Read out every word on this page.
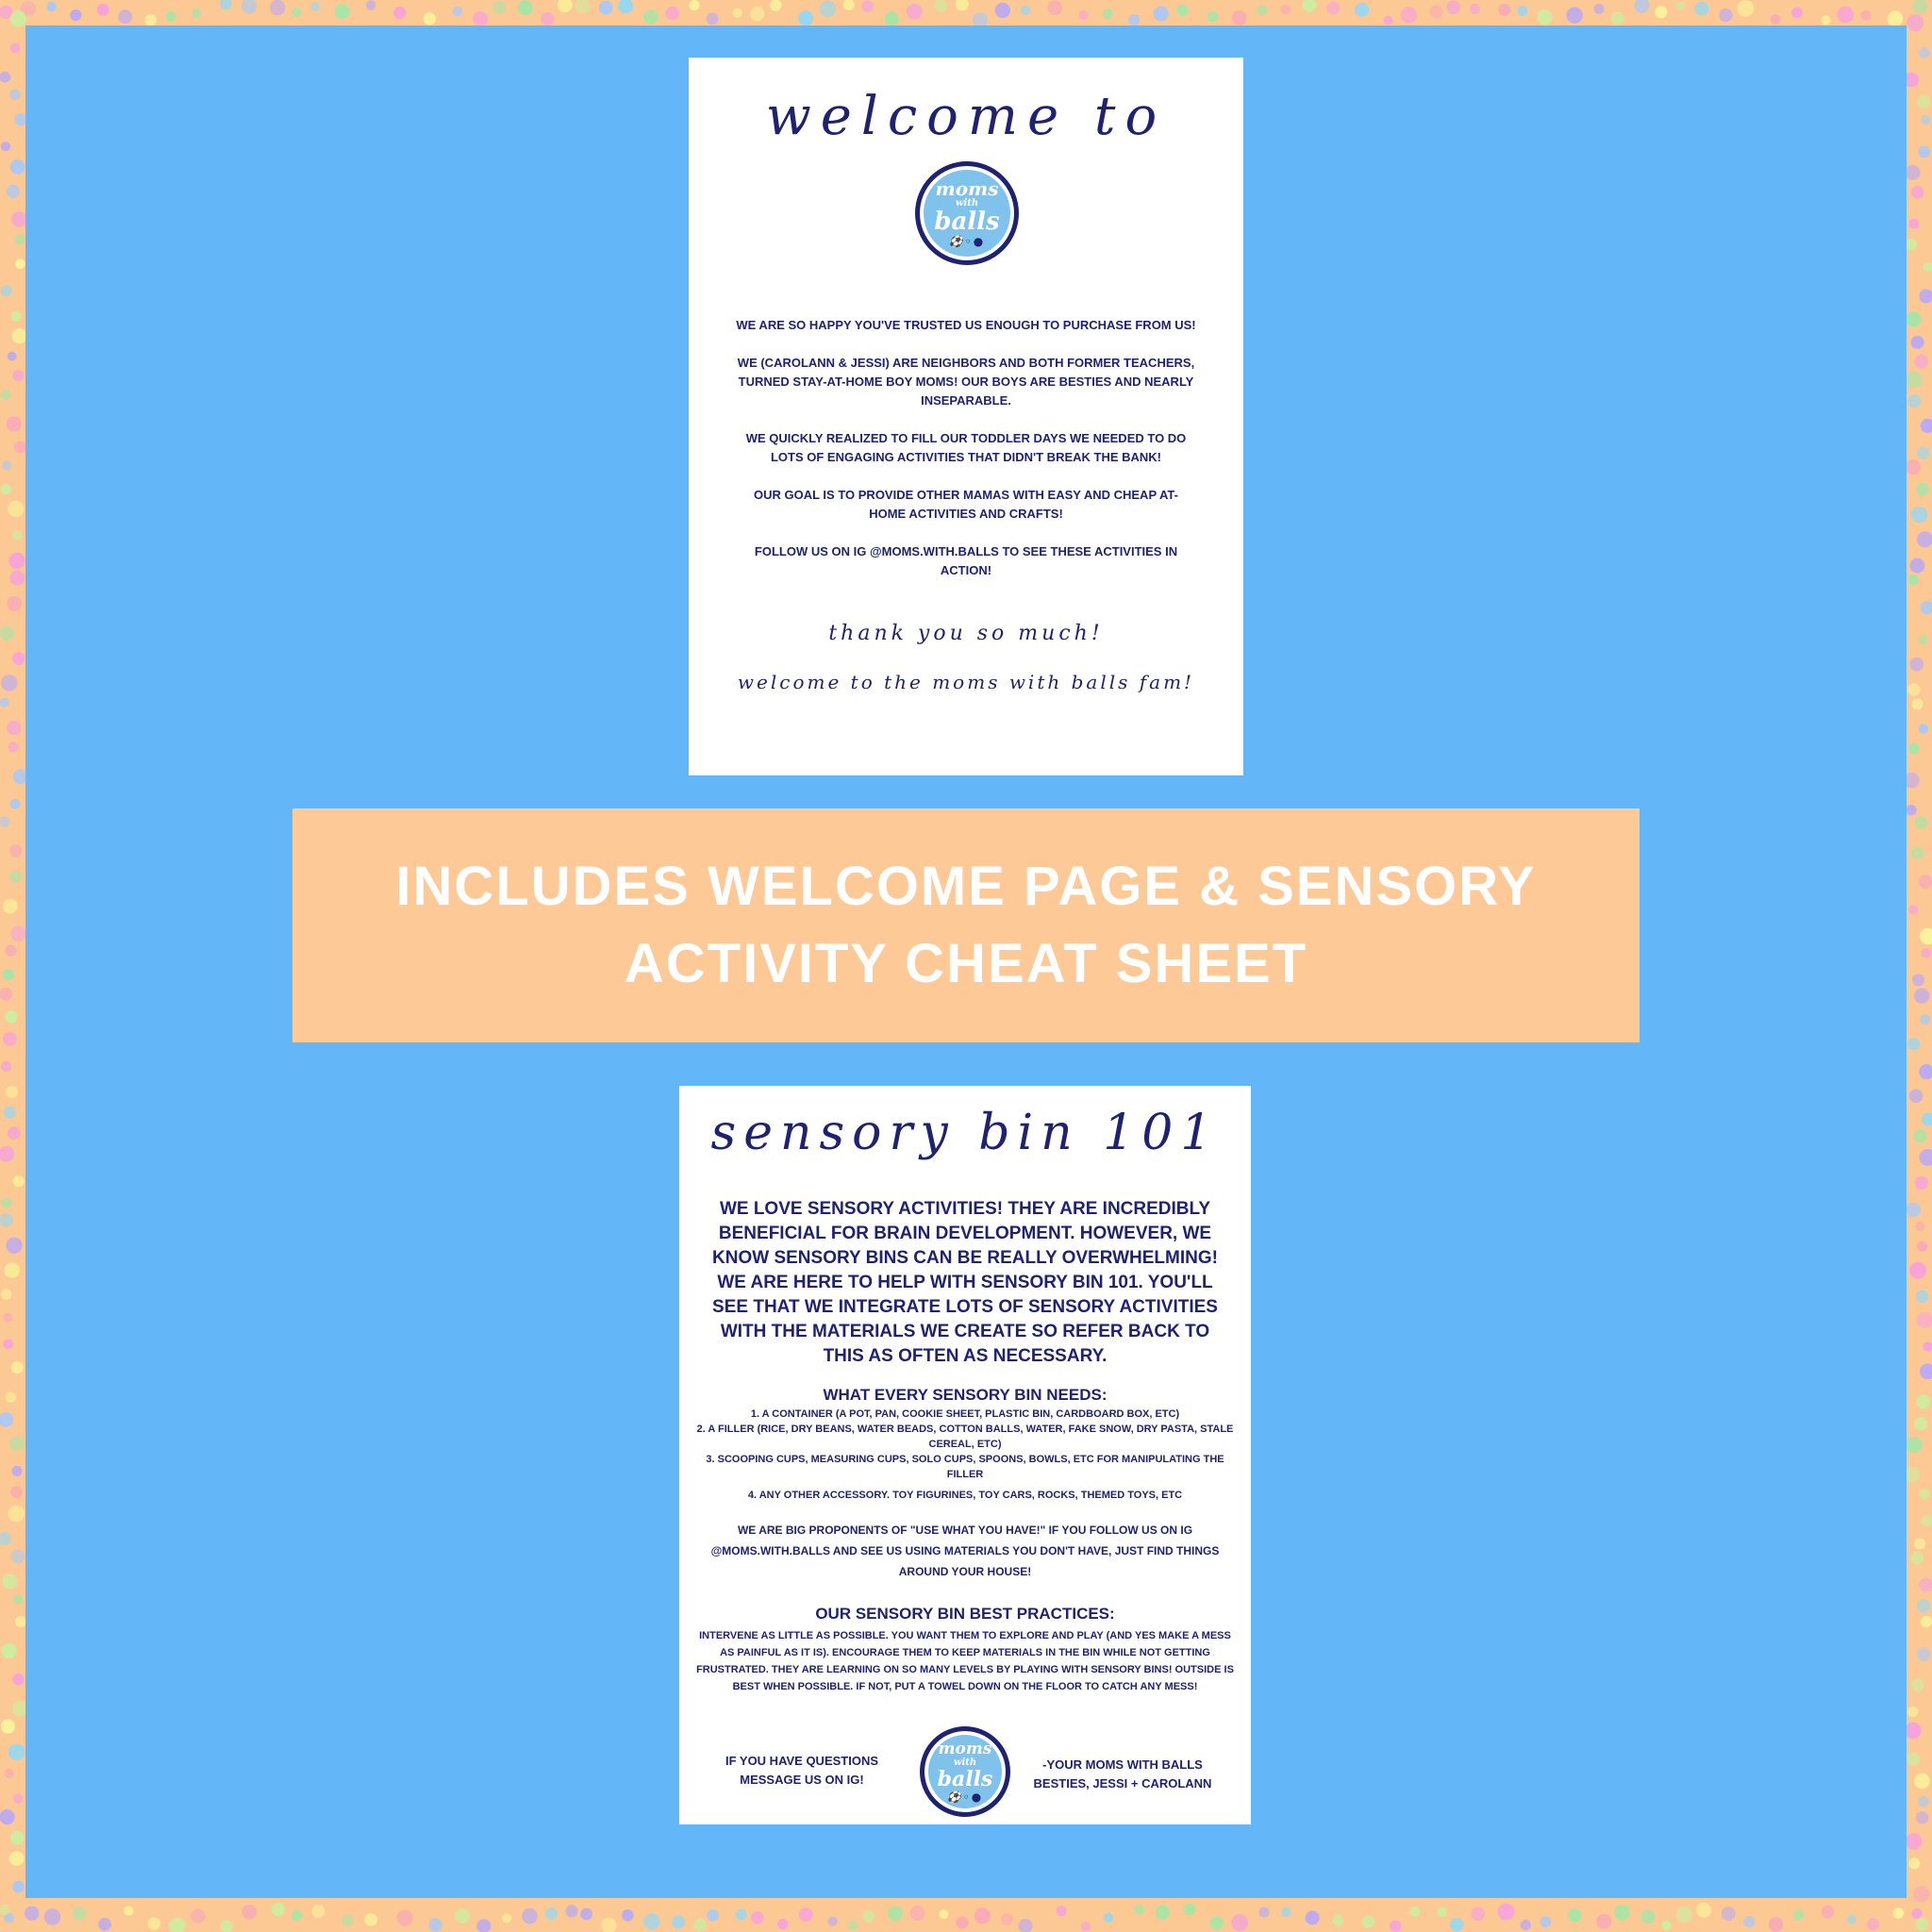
welcome to
moms
with
balls
⚽◦●

WE ARE SO HAPPY YOU'VE TRUSTED US ENOUGH TO PURCHASE FROM US!

WE (CAROLANN & JESSI) ARE NEIGHBORS AND BOTH FORMER TEACHERS, TURNED STAY-AT-HOME BOY MOMS! OUR BOYS ARE BESTIES AND NEARLY INSEPARABLE.

WE QUICKLY REALIZED TO FILL OUR TODDLER DAYS WE NEEDED TO DO LOTS OF ENGAGING ACTIVITIES THAT DIDN'T BREAK THE BANK!

OUR GOAL IS TO PROVIDE OTHER MAMAS WITH EASY AND CHEAP AT-HOME ACTIVITIES AND CRAFTS!

FOLLOW US ON IG @MOMS.WITH.BALLS TO SEE THESE ACTIVITIES IN ACTION!

thank you so much!
welcome to the moms with balls fam!
INCLUDES WELCOME PAGE & SENSORY ACTIVITY CHEAT SHEET
sensory bin 101
WE LOVE SENSORY ACTIVITIES! THEY ARE INCREDIBLY BENEFICIAL FOR BRAIN DEVELOPMENT. HOWEVER, WE KNOW SENSORY BINS CAN BE REALLY OVERWHELMING! WE ARE HERE TO HELP WITH SENSORY BIN 101. YOU'LL SEE THAT WE INTEGRATE LOTS OF SENSORY ACTIVITIES WITH THE MATERIALS WE CREATE SO REFER BACK TO THIS AS OFTEN AS NECESSARY.
WHAT EVERY SENSORY BIN NEEDS:
1. A CONTAINER (A POT, PAN, COOKIE SHEET, PLASTIC BIN, CARDBOARD BOX, ETC)
2. A FILLER (RICE, DRY BEANS, WATER BEADS, COTTON BALLS, WATER, FAKE SNOW, DRY PASTA, STALE CEREAL, ETC)
3. SCOOPING CUPS, MEASURING CUPS, SOLO CUPS, SPOONS, BOWLS, ETC FOR MANIPULATING THE FILLER
4. ANY OTHER ACCESSORY. TOY FIGURINES, TOY CARS, ROCKS, THEMED TOYS, ETC
WE ARE BIG PROPONENTS OF "USE WHAT YOU HAVE!" IF YOU FOLLOW US ON IG @MOMS.WITH.BALLS AND SEE US USING MATERIALS YOU DON'T HAVE, JUST FIND THINGS AROUND YOUR HOUSE!
OUR SENSORY BIN BEST PRACTICES:
INTERVENE AS LITTLE AS POSSIBLE. YOU WANT THEM TO EXPLORE AND PLAY (AND YES MAKE A MESS AS PAINFUL AS IT IS). ENCOURAGE THEM TO KEEP MATERIALS IN THE BIN WHILE NOT GETTING FRUSTRATED. THEY ARE LEARNING ON SO MANY LEVELS BY PLAYING WITH SENSORY BINS! OUTSIDE IS BEST WHEN POSSIBLE. IF NOT, PUT A TOWEL DOWN ON THE FLOOR TO CATCH ANY MESS!
IF YOU HAVE QUESTIONS MESSAGE US ON IG!
moms
with
balls
⚽◦●
-YOUR MOMS WITH BALLS BESTIES, JESSI + CAROLANN
